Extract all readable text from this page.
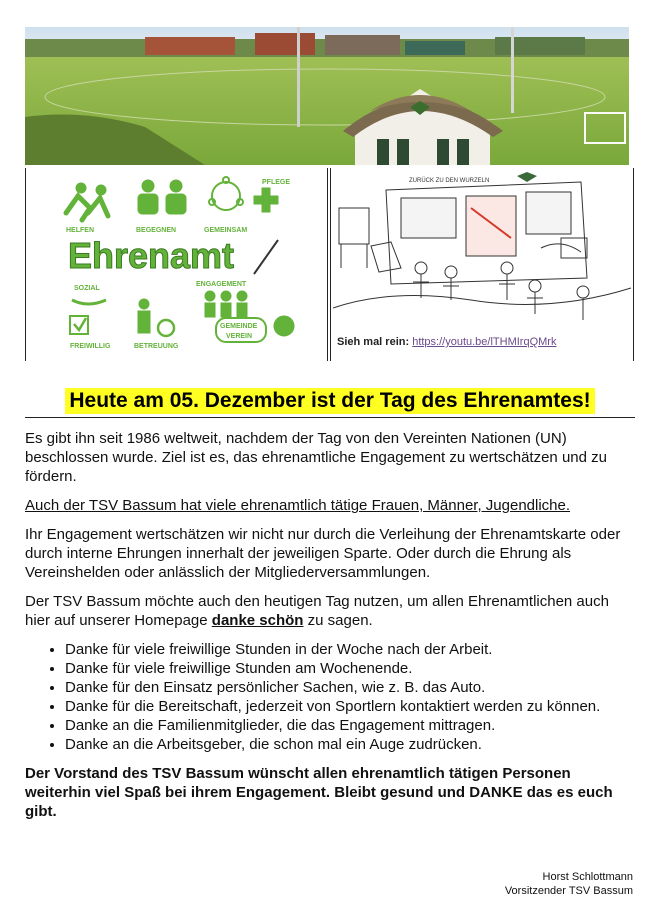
HELFEN	BEGEGNEN	GEMEINSAM
PFLEGE
Ehrenamt
SOZIAL
ENGAGEMENT
FREIWILLIG	BETREUUNG
GEMEINDE
VEREIN
ZURÜCK ZU DEN WURZELN
Sieh mal rein: https://youtu.be/lTHMIrqQMrk
Heute am 05. Dezember ist der Tag des Ehrenamtes!

Es gibt ihn seit 1986 weltweit, nachdem der Tag von den Vereinten Nationen (UN) beschlossen wurde. Ziel ist es, das ehrenamtliche Engagement zu wertschätzen und zu fördern.

Auch der TSV Bassum hat viele ehrenamtlich tätige Frauen, Männer, Jugendliche.

Ihr Engagement wertschätzen wir nicht nur durch die Verleihung der Ehrenamtskarte oder durch interne Ehrungen innerhalt der jeweiligen Sparte. Oder durch die Ehrung als Vereinshelden oder anlässlich der Mitgliederversammlungen.

Der TSV Bassum möchte auch den heutigen Tag nutzen, um allen Ehrenamtlichen auch hier auf unserer Homepage danke schön zu sagen.

• Danke für viele freiwillige Stunden in der Woche nach der Arbeit.
• Danke für viele freiwillige Stunden am Wochenende.
• Danke für den Einsatz persönlicher Sachen, wie z. B. das Auto.
• Danke für die Bereitschaft, jederzeit von Sportlern kontaktiert werden zu können.
• Danke an die Familienmitglieder, die das Engagement mittragen.
• Danke an die Arbeitsgeber, die schon mal ein Auge zudrücken.

Der Vorstand des TSV Bassum wünscht allen ehrenamtlich tätigen Personen weiterhin viel Spaß bei ihrem Engagement. Bleibt gesund und DANKE das es euch gibt.

Horst Schlottmann
Vorsitzender TSV Bassum
